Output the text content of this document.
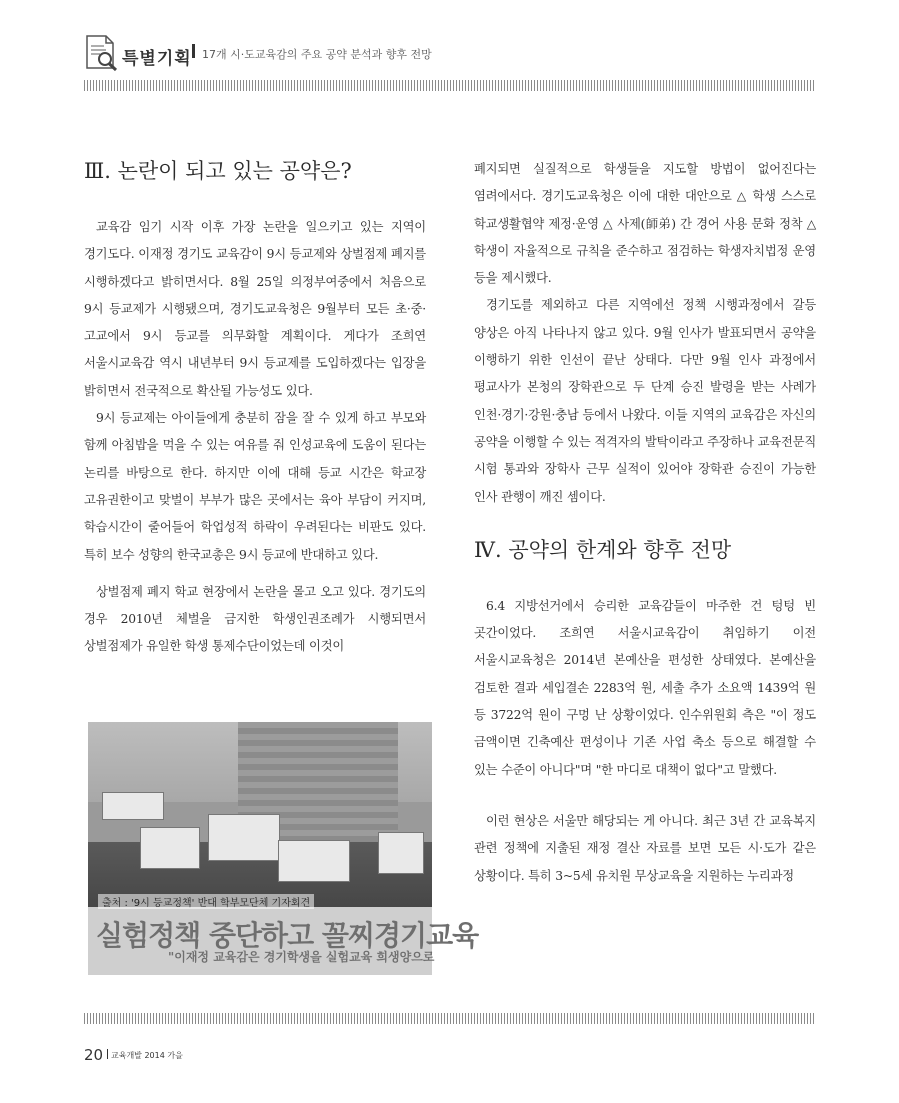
특별기획 17개 시·도교육감의 주요 공약 분석과 향후 전망
Ⅲ. 논란이 되고 있는 공약은?

교육감 임기 시작 이후 가장 논란을 일으키고 있는 지역이 경기도다. 이재정 경기도 교육감이 9시 등교제와 상벌점제 폐지를 시행하겠다고 밝히면서다. 8월 25일 의정부여중에서 처음으로 9시 등교제가 시행됐으며, 경기도교육청은 9월부터 모든 초·중·고교에서 9시 등교를 의무화할 계획이다. 게다가 조희연 서울시교육감 역시 내년부터 9시 등교제를 도입하겠다는 입장을 밝히면서 전국적으로 확산될 가능성도 있다.

9시 등교제는 아이들에게 충분히 잠을 잘 수 있게 하고 부모와 함께 아침밥을 먹을 수 있는 여유를 줘 인성교육에 도움이 된다는 논리를 바탕으로 한다. 하지만 이에 대해 등교 시간은 학교장 고유권한이고 맞벌이 부부가 많은 곳에서는 육아 부담이 커지며, 학습시간이 줄어들어 학업성적 하락이 우려된다는 비판도 있다. 특히 보수 성향의 한국교총은 9시 등교에 반대하고 있다.

상벌점제 폐지 학교 현장에서 논란을 몰고 오고 있다. 경기도의 경우 2010년 체벌을 금지한 학생인권조례가 시행되면서 상벌점제가 유일한 학생 통제수단이었는데 이것이

출처 : '9시 등교정책' 반대 학부모단체 기자회견
실험정책 중단하고 꼴찌경기교육
"이재정 교육감은 경기학생을 실험교육 희생양으로

폐지되면 실질적으로 학생들을 지도할 방법이 없어진다는 염려에서다. 경기도교육청은 이에 대한 대안으로 △ 학생 스스로 학교생활협약 제정·운영 △ 사제(師弟) 간 경어 사용 문화 정착 △ 학생이 자율적으로 규칙을 준수하고 점검하는 학생자치법정 운영 등을 제시했다.

경기도를 제외하고 다른 지역에선 정책 시행과정에서 갈등 양상은 아직 나타나지 않고 있다. 9월 인사가 발표되면서 공약을 이행하기 위한 인선이 끝난 상태다. 다만 9월 인사 과정에서 평교사가 본청의 장학관으로 두 단계 승진 발령을 받는 사례가 인천·경기·강원·충남 등에서 나왔다. 이들 지역의 교육감은 자신의 공약을 이행할 수 있는 적격자의 발탁이라고 주장하나 교육전문직 시험 통과와 장학사 근무 실적이 있어야 장학관 승진이 가능한 인사 관행이 깨진 셈이다.

Ⅳ. 공약의 한계와 향후 전망

6.4 지방선거에서 승리한 교육감들이 마주한 건 텅텅 빈 곳간이었다. 조희연 서울시교육감이 취임하기 이전 서울시교육청은 2014년 본예산을 편성한 상태였다. 본예산을 검토한 결과 세입결손 2283억 원, 세출 추가 소요액 1439억 원 등 3722억 원이 구멍 난 상황이었다. 인수위원회 측은 "이 정도 금액이면 긴축예산 편성이나 기존 사업 축소 등으로 해결할 수 있는 수준이 아니다"며 "한 마디로 대책이 없다"고 말했다.

이런 현상은 서울만 해당되는 게 아니다. 최근 3년 간 교육복지 관련 정책에 지출된 재정 결산 자료를 보면 모든 시·도가 같은 상황이다. 특히 3~5세 유치원 무상교육을 지원하는 누리과정

20 교육개발 2014 가을
